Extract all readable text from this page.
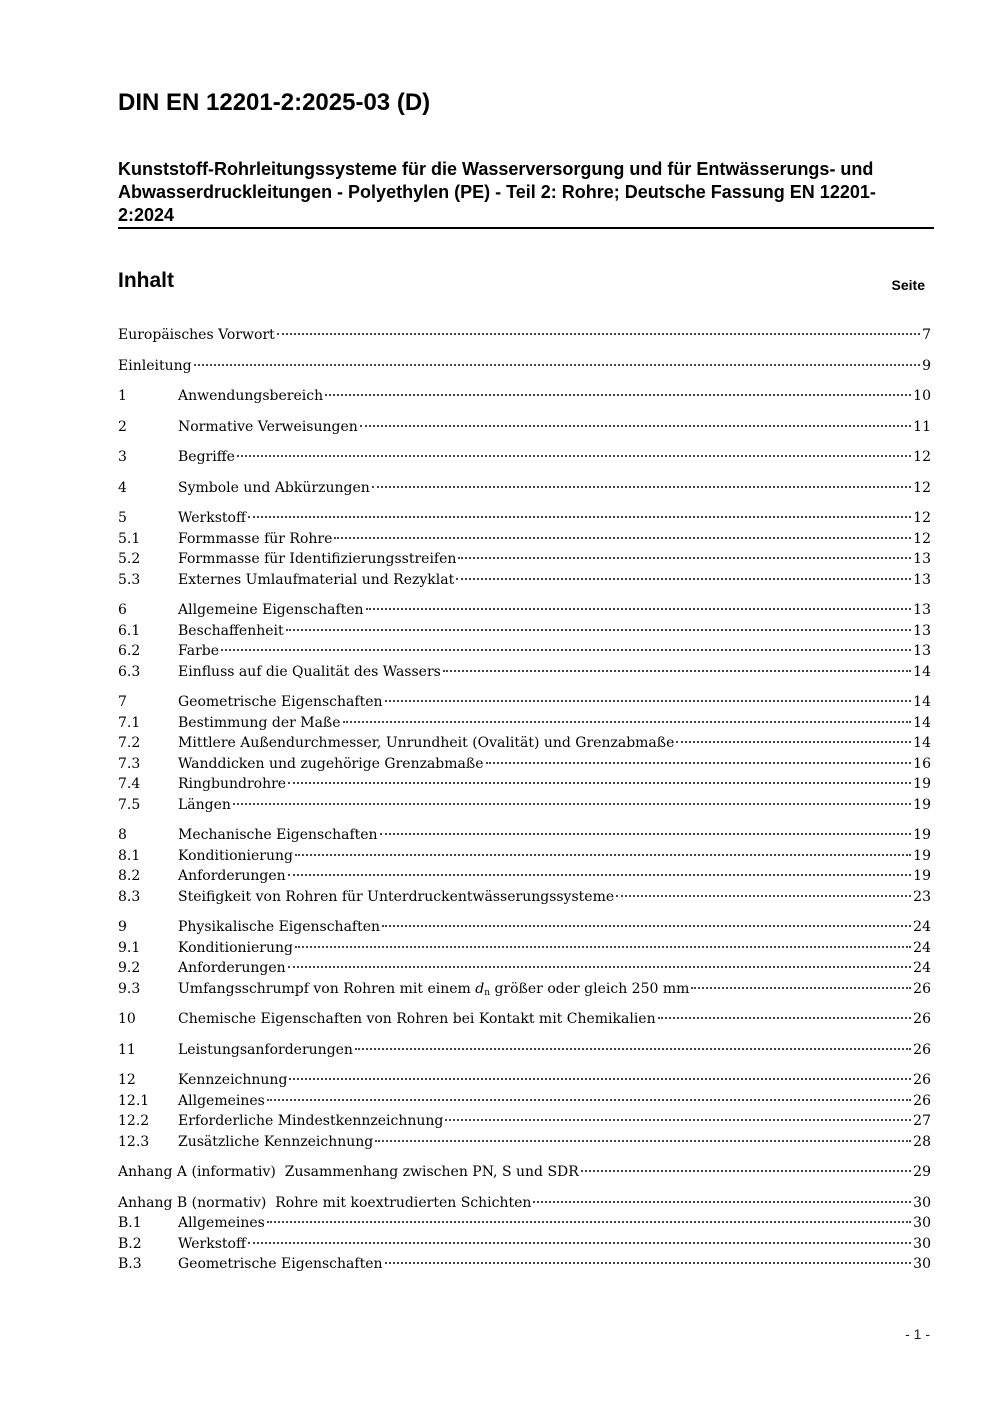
DIN EN 12201-2:2025-03 (D)
Kunststoff-Rohrleitungssysteme für die Wasserversorgung und für Entwässerungs- und Abwasserdruckleitungen - Polyethylen (PE) - Teil 2: Rohre; Deutsche Fassung EN 12201-2:2024
Inhalt	Seite
Europäisches Vorwort	7
Einleitung	9
1	Anwendungsbereich	10
2	Normative Verweisungen	11
3	Begriffe	12
4	Symbole und Abkürzungen	12
5	Werkstoff	12
5.1	Formmasse für Rohre	12
5.2	Formmasse für Identifizierungsstreifen	13
5.3	Externes Umlaufmaterial und Rezyklat	13
6	Allgemeine Eigenschaften	13
6.1	Beschaffenheit	13
6.2	Farbe	13
6.3	Einfluss auf die Qualität des Wassers	14
7	Geometrische Eigenschaften	14
7.1	Bestimmung der Maße	14
7.2	Mittlere Außendurchmesser, Unrundheit (Ovalität) und Grenzabmaße	14
7.3	Wanddicken und zugehörige Grenzabmaße	16
7.4	Ringbundrohre	19
7.5	Längen	19
8	Mechanische Eigenschaften	19
8.1	Konditionierung	19
8.2	Anforderungen	19
8.3	Steifigkeit von Rohren für Unterdruckentwässerungssysteme	23
9	Physikalische Eigenschaften	24
9.1	Konditionierung	24
9.2	Anforderungen	24
9.3	Umfangsschrumpf von Rohren mit einem $d_n$ größer oder gleich 250 mm	26
10	Chemische Eigenschaften von Rohren bei Kontakt mit Chemikalien	26
11	Leistungsanforderungen	26
12	Kennzeichnung	26
12.1	Allgemeines	26
12.2	Erforderliche Mindestkennzeichnung	27
12.3	Zusätzliche Kennzeichnung	28
Anhang A (informativ)  Zusammenhang zwischen PN, S und SDR	29
Anhang B (normativ)  Rohre mit koextrudierten Schichten	30
B.1	Allgemeines	30
B.2	Werkstoff	30
B.3	Geometrische Eigenschaften	30
- 1 -
